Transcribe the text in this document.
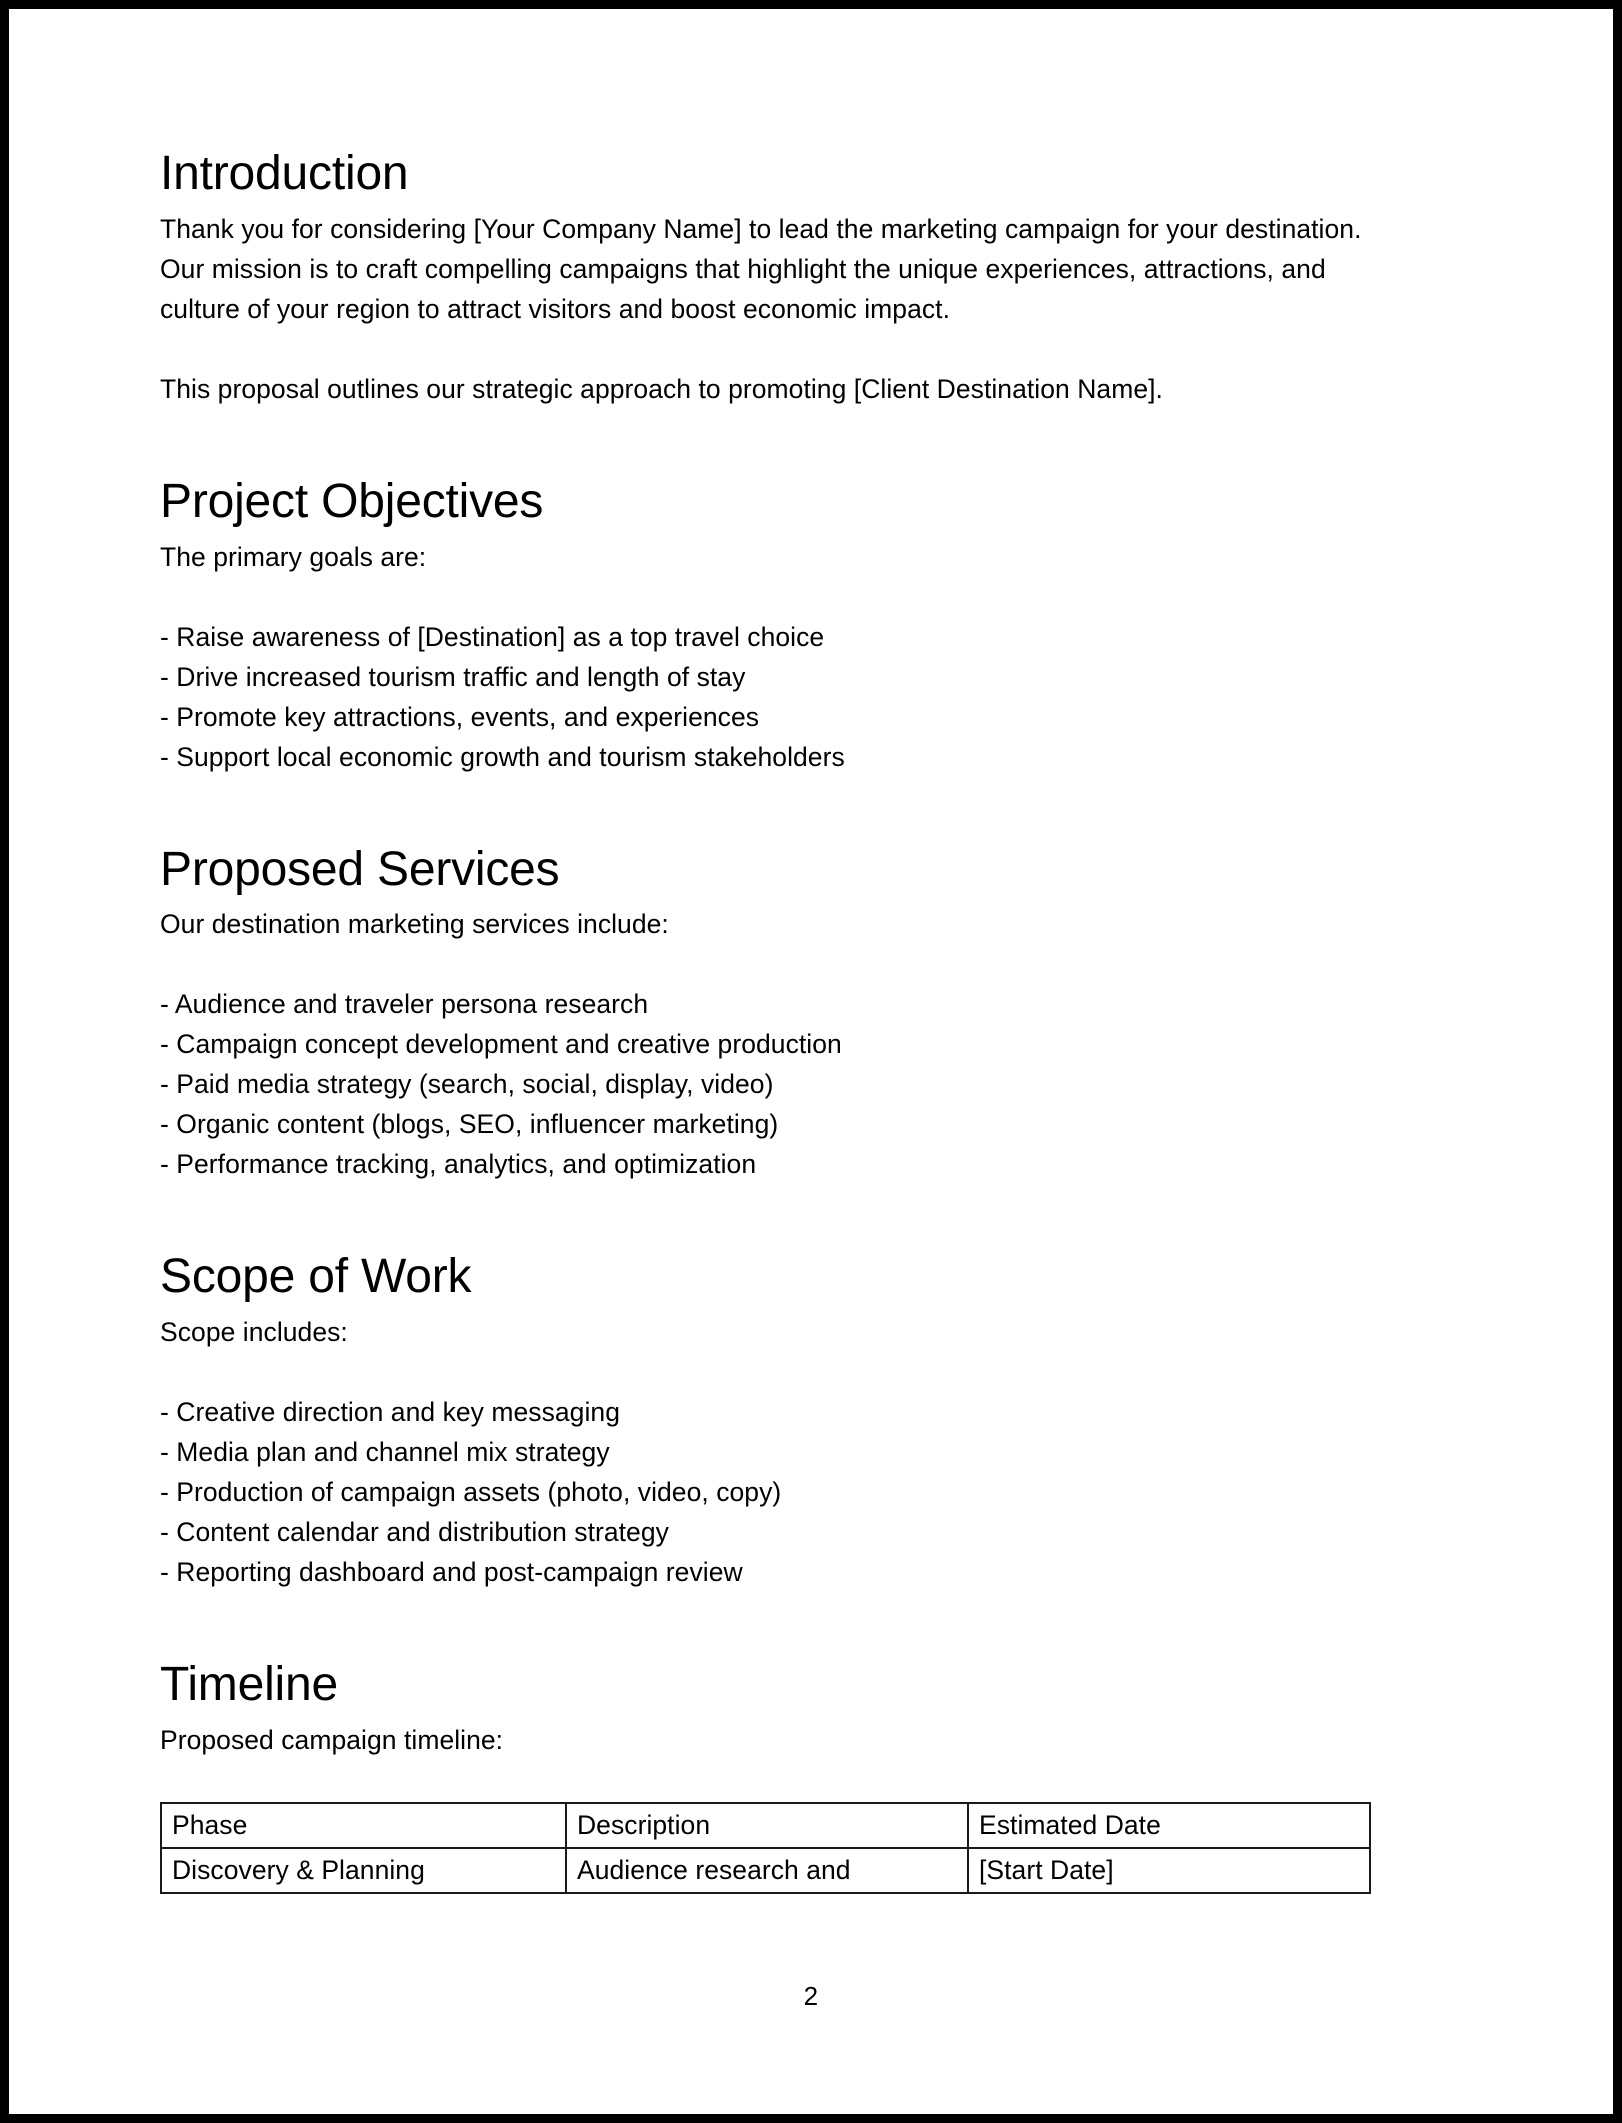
Introduction

Thank you for considering [Your Company Name] to lead the marketing campaign for your destination. Our mission is to craft compelling campaigns that highlight the unique experiences, attractions, and culture of your region to attract visitors and boost economic impact.

This proposal outlines our strategic approach to promoting [Client Destination Name].

Project Objectives

The primary goals are:

- Raise awareness of [Destination] as a top travel choice
- Drive increased tourism traffic and length of stay
- Promote key attractions, events, and experiences
- Support local economic growth and tourism stakeholders
Proposed Services

Our destination marketing services include:

- Audience and traveler persona research
- Campaign concept development and creative production
- Paid media strategy (search, social, display, video)
- Organic content (blogs, SEO, influencer marketing)
- Performance tracking, analytics, and optimization
Scope of Work

Scope includes:

- Creative direction and key messaging
- Media plan and channel mix strategy
- Production of campaign assets (photo, video, copy)
- Content calendar and distribution strategy
- Reporting dashboard and post-campaign review
Timeline

Proposed campaign timeline:

Phase	Description	Estimated Date
Discovery & Planning	Audience research and	[Start Date]
2
